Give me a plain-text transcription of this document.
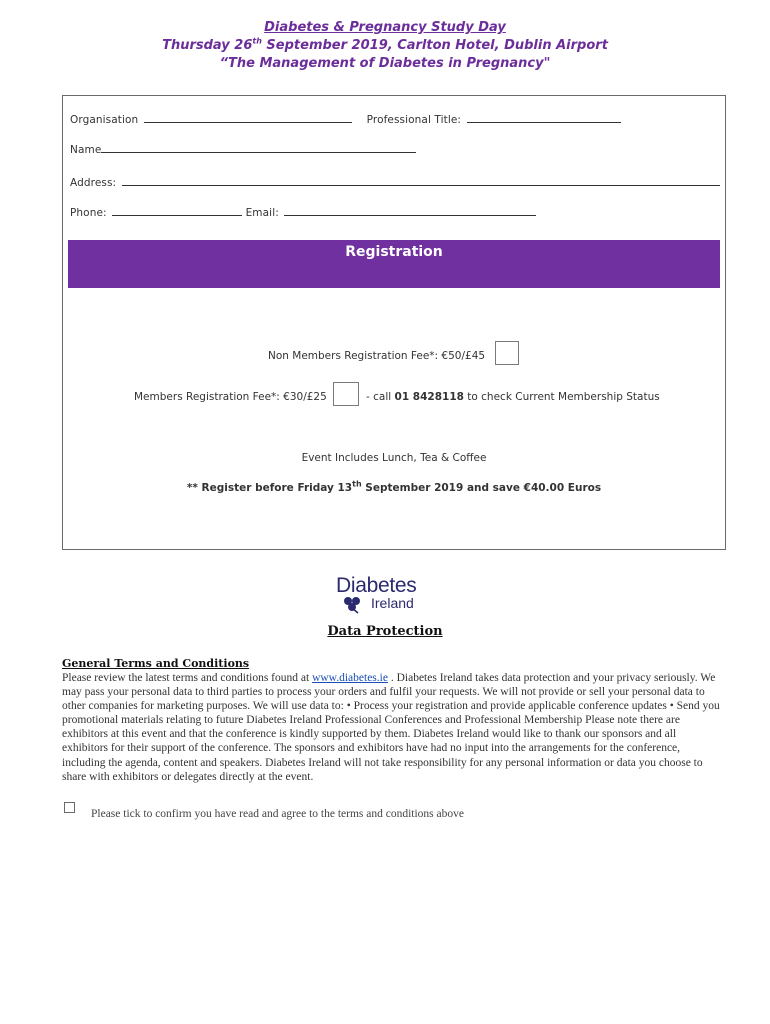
Diabetes & Pregnancy Study Day
Thursday 26th September 2019, Carlton Hotel, Dublin Airport
“The Management of Diabetes in Pregnancy"
Organisation	Professional Title:
Name
Address:
Phone:	Email:
Registration
Non Members Registration Fee*: €50/£45
Members Registration Fee*: €30/£25	- call 01 8428118 to check Current Membership Status
Event Includes Lunch, Tea & Coffee
** Register before Friday 13th September 2019 and save €40.00 Euros
Diabetes
Ireland
Data Protection
General Terms and Conditions
Please review the latest terms and conditions found at www.diabetes.ie . Diabetes Ireland takes data protection and your privacy seriously. We may pass your personal data to third parties to process your orders and fulfil your requests. We will not provide or sell your personal data to other companies for marketing purposes. We will use data to: • Process your registration and provide applicable conference updates • Send you promotional materials relating to future Diabetes Ireland Professional Conferences and Professional Membership Please note there are exhibitors at this event and that the conference is kindly supported by them. Diabetes Ireland would like to thank our sponsors and all exhibitors for their support of the conference. The sponsors and exhibitors have had no input into the arrangements for the conference, including the agenda, content and speakers. Diabetes Ireland will not take responsibility for any personal information or data you choose to share with exhibitors or delegates directly at the event.
Please tick to confirm you have read and agree to the terms and conditions above
